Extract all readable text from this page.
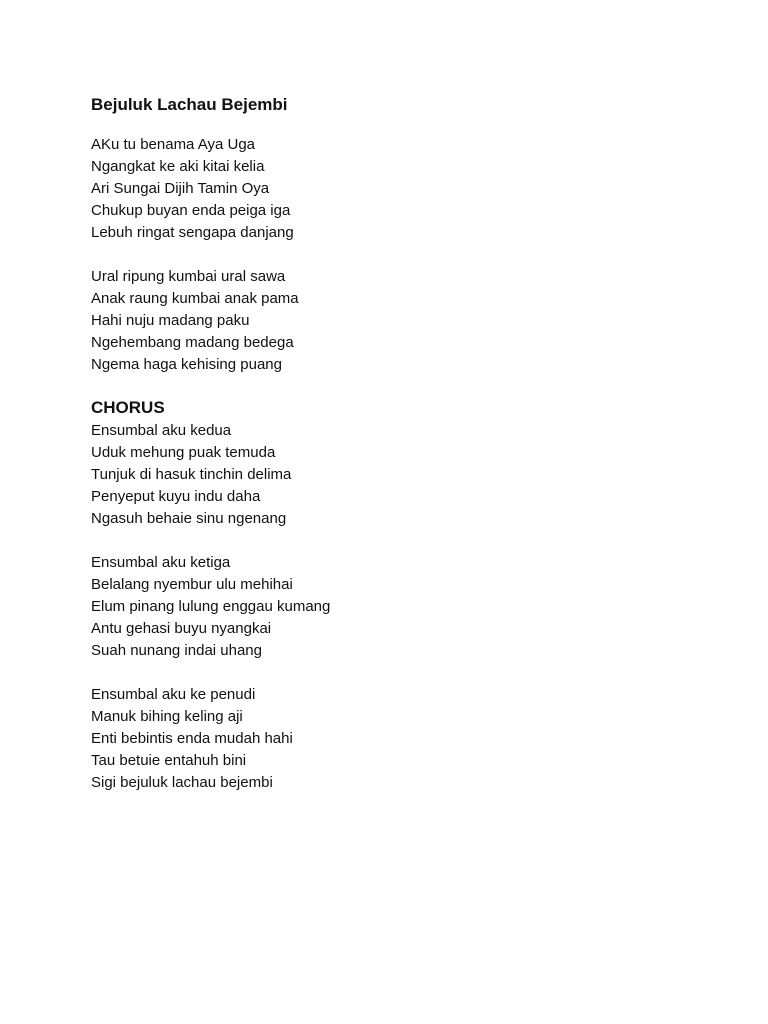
Bejuluk Lachau Bejembi
AKu tu benama Aya Uga
Ngangkat ke aki kitai kelia
Ari Sungai Dijih Tamin Oya
Chukup buyan enda peiga iga
Lebuh ringat sengapa danjang
Ural ripung kumbai ural sawa
Anak raung kumbai anak pama
Hahi nuju madang paku
Ngehembang madang bedega
Ngema haga kehising puang
CHORUS
Ensumbal aku kedua
Uduk mehung puak temuda
Tunjuk di hasuk tinchin delima
Penyeput kuyu indu daha
Ngasuh behaie sinu ngenang
Ensumbal aku ketiga
Belalang nyembur ulu mehihai
Elum pinang lulung enggau kumang
Antu gehasi buyu nyangkai
Suah nunang indai uhang
Ensumbal aku ke penudi
Manuk bihing keling aji
Enti bebintis enda mudah hahi
Tau betuie entahuh bini
Sigi bejuluk lachau bejembi
